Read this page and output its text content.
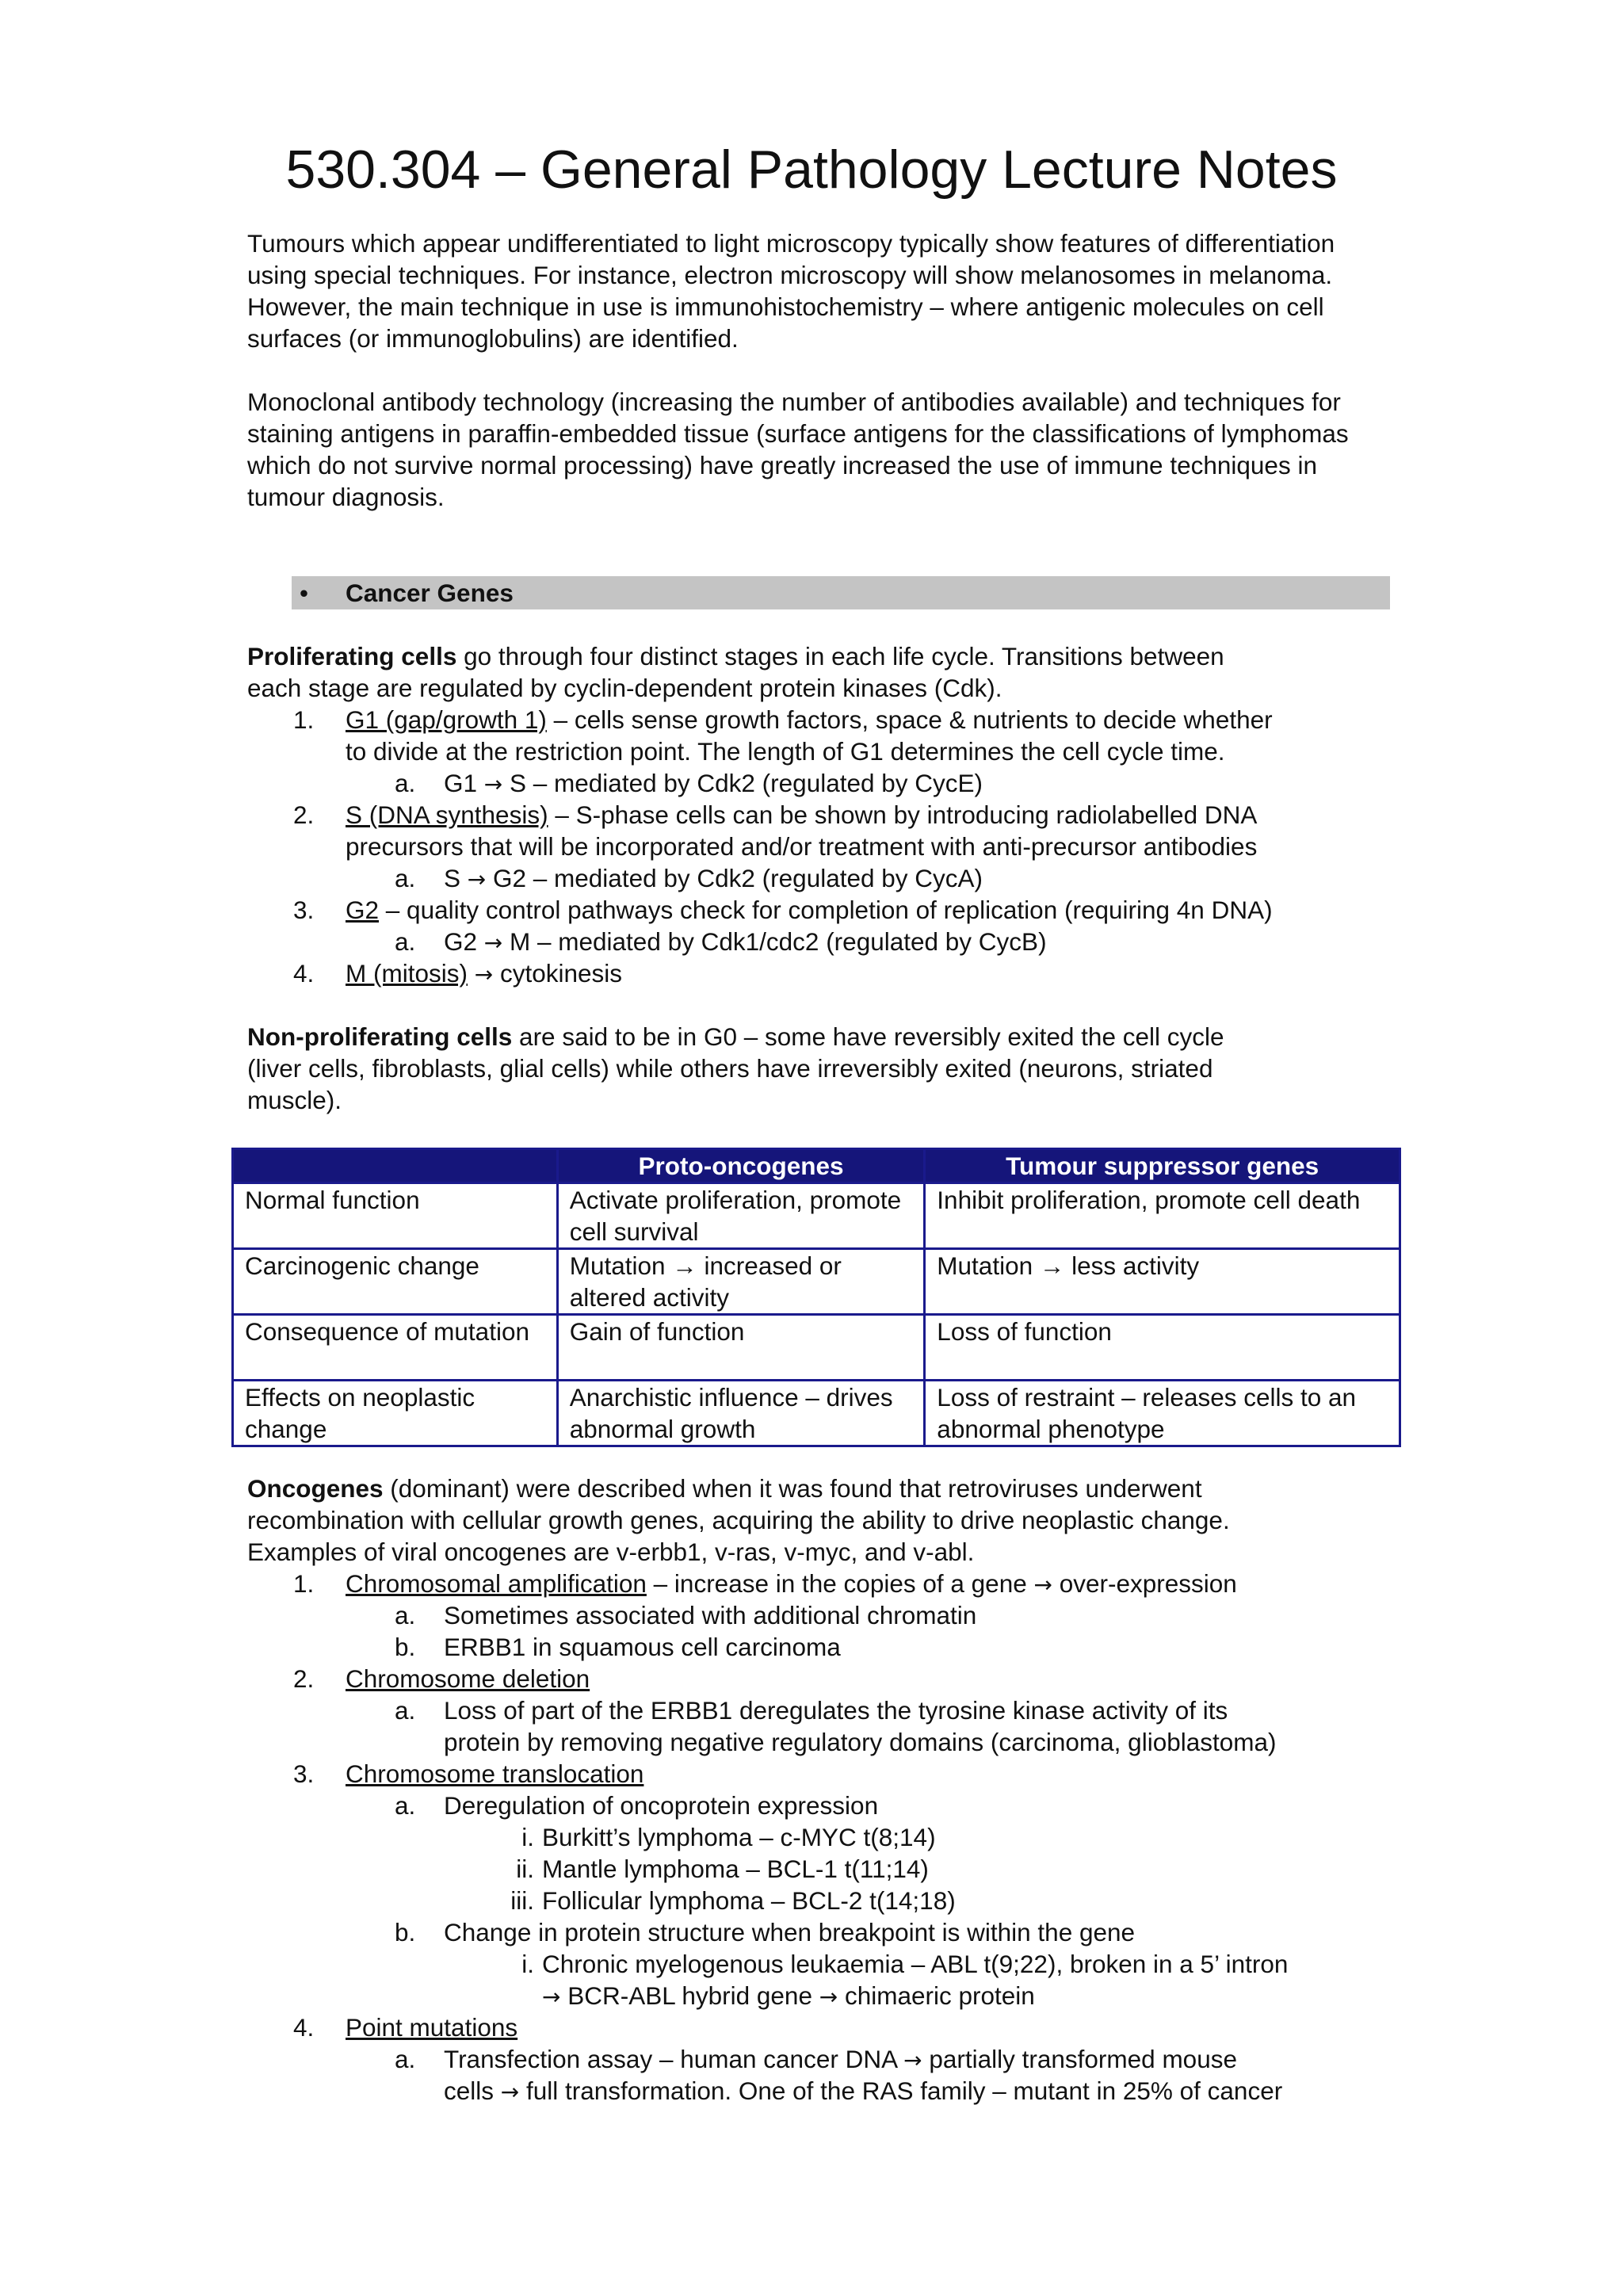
530.304 – General Pathology Lecture Notes

Tumours which appear undifferentiated to light microscopy typically show features of differentiation using special techniques. For instance, electron microscopy will show melanosomes in melanoma. However, the main technique in use is immunohistochemistry – where antigenic molecules on cell surfaces (or immunoglobulins) are identified.

Monoclonal antibody technology (increasing the number of antibodies available) and techniques for staining antigens in paraffin-embedded tissue (surface antigens for the classifications of lymphomas which do not survive normal processing) have greatly increased the use of immune techniques in tumour diagnosis.

• Cancer Genes
Proliferating cells go through four distinct stages in each life cycle. Transitions between
each stage are regulated by cyclin-dependent protein kinases (Cdk).
1. G1 (gap/growth 1) – cells sense growth factors, space & nutrients to decide whether
to divide at the restriction point. The length of G1 determines the cell cycle time.
a. G1 → S – mediated by Cdk2 (regulated by CycE)
2. S (DNA synthesis) – S-phase cells can be shown by introducing radiolabelled DNA
precursors that will be incorporated and/or treatment with anti-precursor antibodies
a. S → G2 – mediated by Cdk2 (regulated by CycA)
3. G2 – quality control pathways check for completion of replication (requiring 4n DNA)
a. G2 → M – mediated by Cdk1/cdc2 (regulated by CycB)
4. M (mitosis) → cytokinesis
Non-proliferating cells are said to be in G0 – some have reversibly exited the cell cycle
(liver cells, fibroblasts, glial cells) while others have irreversibly exited (neurons, striated
muscle).
	Proto-oncogenes	Tumour suppressor genes
Normal function	Activate proliferation, promote cell survival	Inhibit proliferation, promote cell death
Carcinogenic change	Mutation → increased or altered activity	Mutation → less activity
Consequence of mutation	Gain of function	Loss of function
Effects on neoplastic change	Anarchistic influence – drives abnormal growth	Loss of restraint – releases cells to an abnormal phenotype
Oncogenes (dominant) were described when it was found that retroviruses underwent
recombination with cellular growth genes, acquiring the ability to drive neoplastic change.
Examples of viral oncogenes are v-erbb1, v-ras, v-myc, and v-abl.
1. Chromosomal amplification – increase in the copies of a gene → over-expression
a. Sometimes associated with additional chromatin
b. ERBB1 in squamous cell carcinoma
2. Chromosome deletion
a. Loss of part of the ERBB1 deregulates the tyrosine kinase activity of its
protein by removing negative regulatory domains (carcinoma, glioblastoma)
3. Chromosome translocation
a. Deregulation of oncoprotein expression
i. Burkitt’s lymphoma – c-MYC t(8;14)
ii. Mantle lymphoma – BCL-1 t(11;14)
iii. Follicular lymphoma – BCL-2 t(14;18)
b. Change in protein structure when breakpoint is within the gene
i. Chronic myelogenous leukaemia – ABL t(9;22), broken in a 5’ intron
→ BCR-ABL hybrid gene → chimaeric protein
4. Point mutations
a. Transfection assay – human cancer DNA → partially transformed mouse
cells → full transformation. One of the RAS family – mutant in 25% of cancer
